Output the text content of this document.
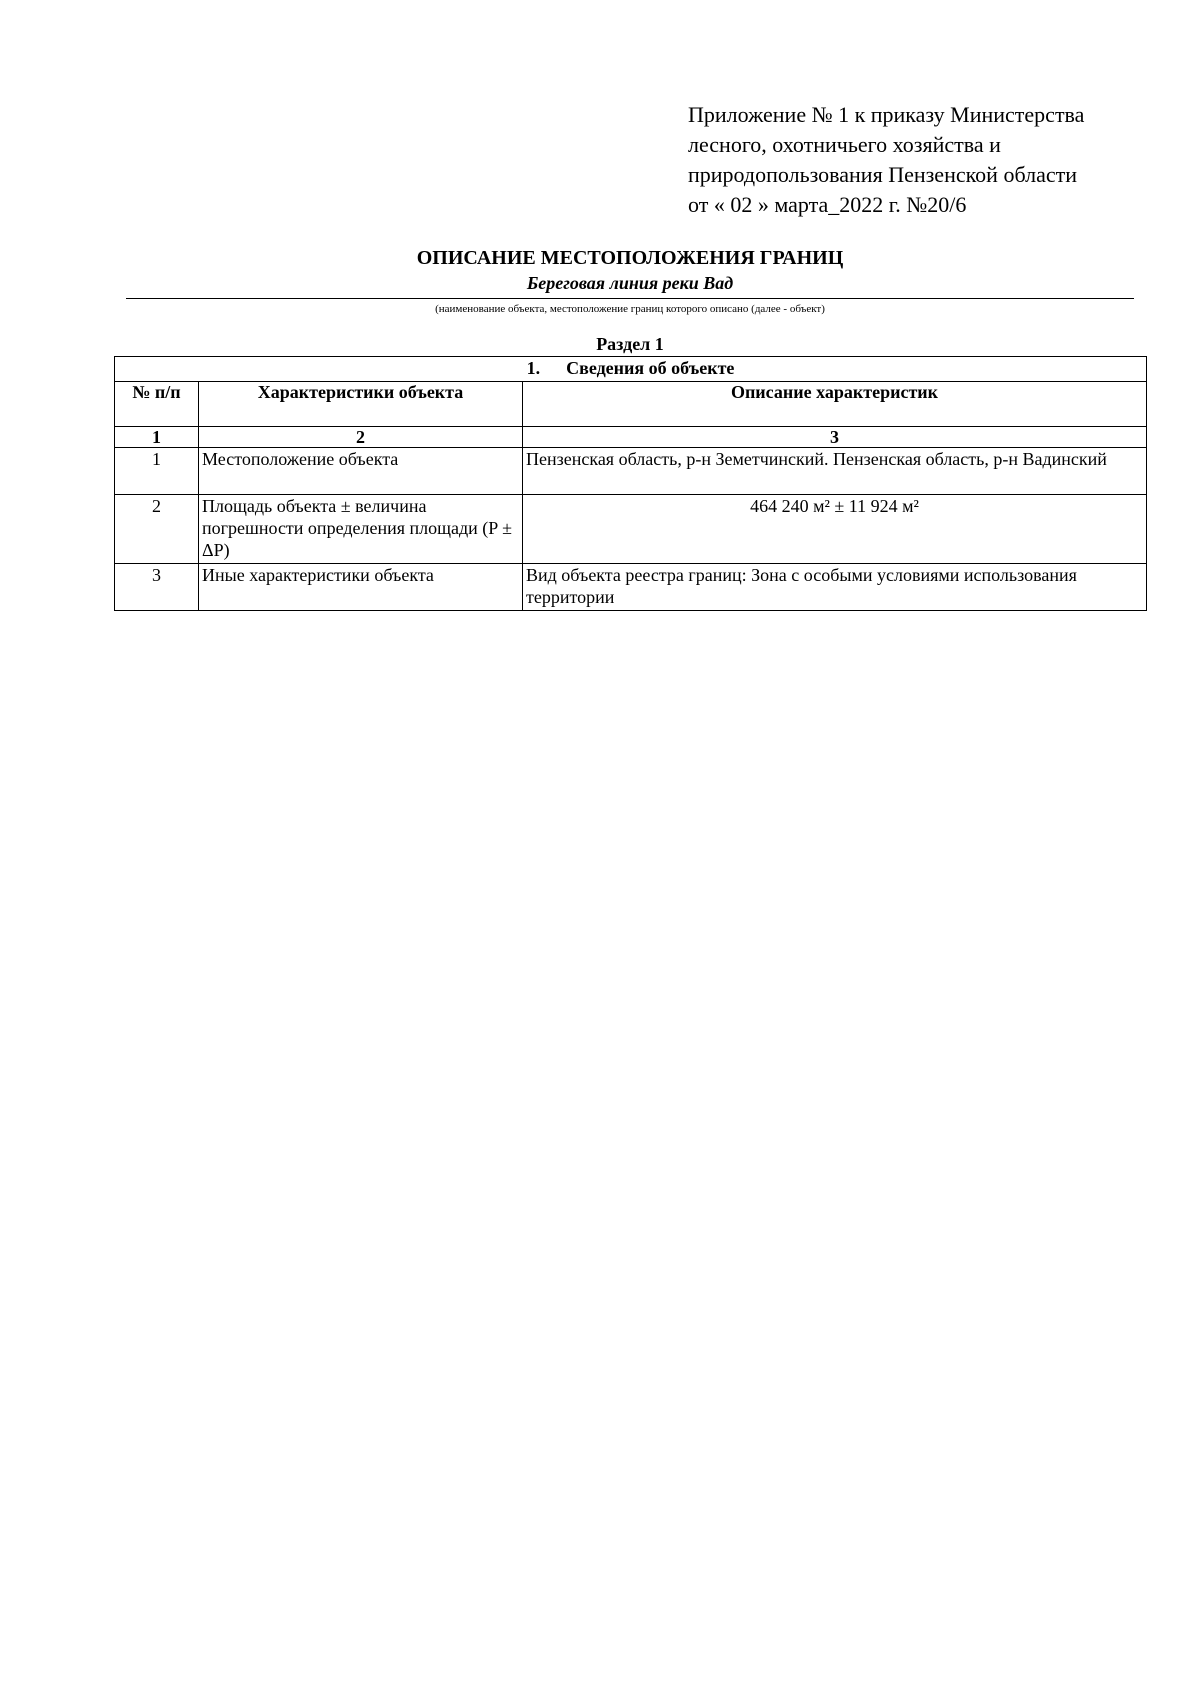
Приложение № 1 к приказу Министерства
лесного, охотничьего хозяйства и
природопользования Пензенской области
от « 02 » марта_2022 г. №20/6
ОПИСАНИЕ МЕСТОПОЛОЖЕНИЯ ГРАНИЦ
Береговая линия реки Вад
(наименование объекта, местоположение границ которого описано (далее - объект)
Раздел 1
1. Сведения об объекте		
№ п/п	Характеристики объекта	Описание характеристик
1	2	3
1	Местоположение объекта	Пензенская область, р-н Земетчинский. Пензенская область, р-н Вадинский
2	Площадь объекта ± величина погрешности определения площади (P ± ΔP)	464 240 м² ± 11 924 м²
3	Иные характеристики объекта	Вид объекта реестра границ: Зона с особыми условиями использования территории
